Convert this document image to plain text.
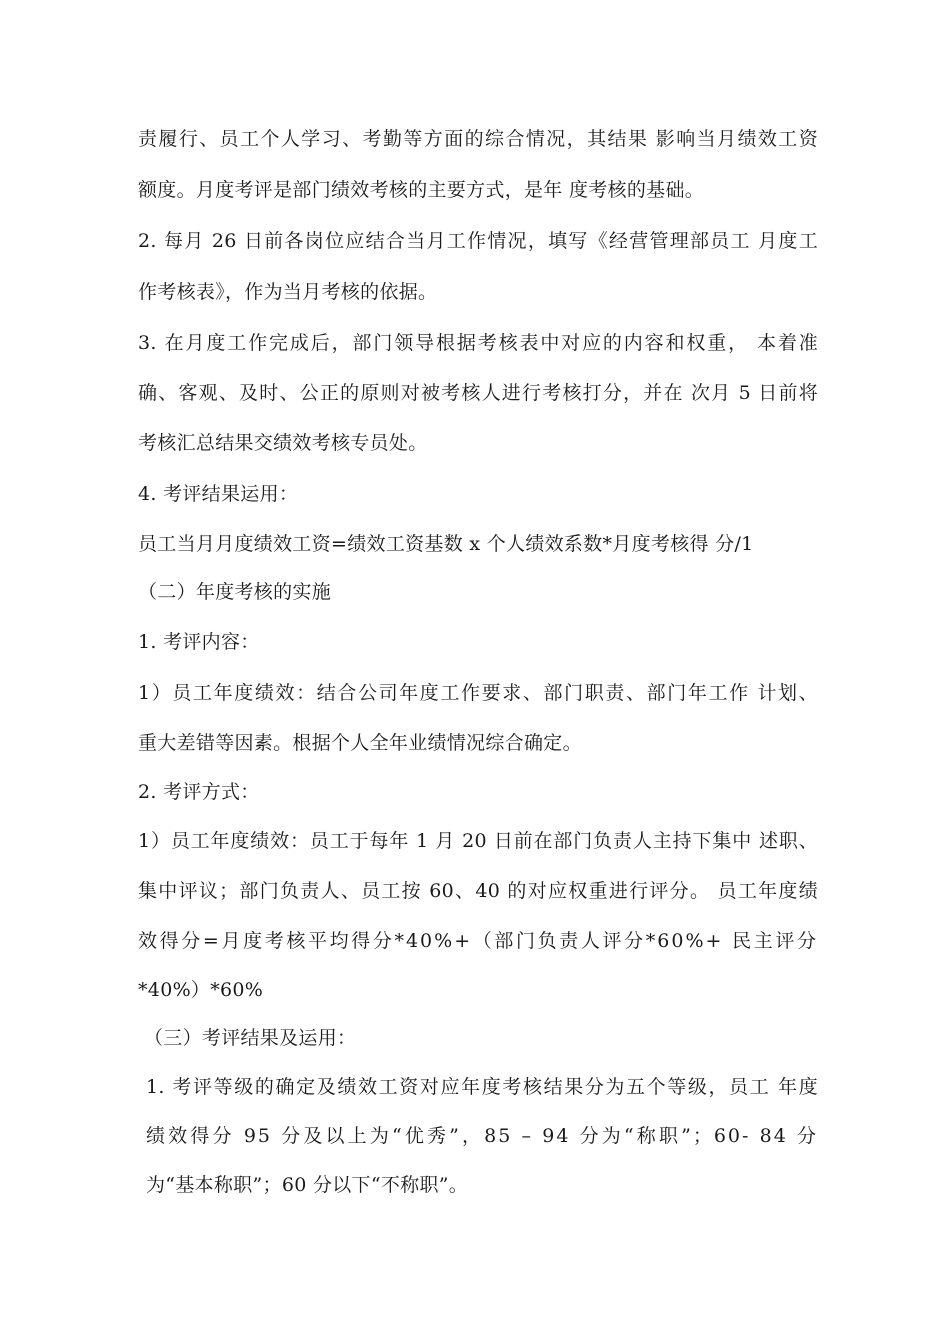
责履行、员工个人学习、考勤等方面的综合情况，其结果 影响当月绩效工资
额度。月度考评是部门绩效考核的主要方式，是年 度考核的基础。
2. 每月 26 日前各岗位应结合当月工作情况，填写《经营管理部员工 月度工
作考核表》，作为当月考核的依据。
3. 在月度工作完成后，部门领导根据考核表中对应的内容和权重， 本着准
确、客观、及时、公正的原则对被考核人进行考核打分，并在 次月 5 日前将
考核汇总结果交绩效考核专员处。
4. 考评结果运用：
员工当月月度绩效工资=绩效工资基数 x 个人绩效系数*月度考核得 分/1
（二）年度考核的实施
1. 考评内容：
1）员工年度绩效：结合公司年度工作要求、部门职责、部门年工作 计划、
重大差错等因素。根据个人全年业绩情况综合确定。
2. 考评方式：
1）员工年度绩效：员工于每年 1 月 20 日前在部门负责人主持下集中 述职、
集中评议；部门负责人、员工按 60、40 的对应权重进行评分。 员工年度绩
效得分=月度考核平均得分*40%+（部门负责人评分*60%+ 民主评分
*40%）*60%
（三）考评结果及运用：
1. 考评等级的确定及绩效工资对应年度考核结果分为五个等级，员工 年度
绩效得分 95 分及以上为“优秀”，85 – 94 分为“称职”；60- 84 分
为“基本称职”；60 分以下“不称职”。
